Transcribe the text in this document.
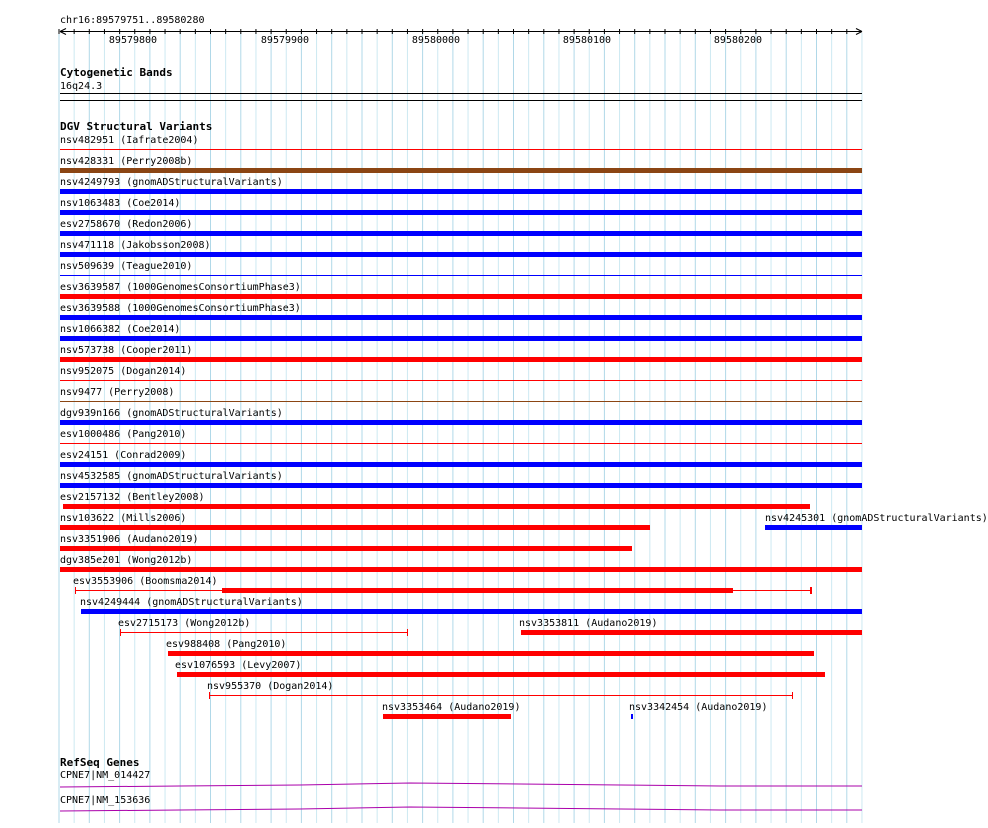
chr16:89579751..89580280
89579800	89579900	89580000	89580100	89580200
Cytogenetic Bands
16q24.3
DGV Structural Variants
nsv482951 (Iafrate2004)
nsv428331 (Perry2008b)
nsv4249793 (gnomADStructuralVariants)
nsv1063483 (Coe2014)
esv2758670 (Redon2006)
nsv471118 (Jakobsson2008)
nsv509639 (Teague2010)
esv3639587 (1000GenomesConsortiumPhase3)
esv3639588 (1000GenomesConsortiumPhase3)
nsv1066382 (Coe2014)
nsv573738 (Cooper2011)
nsv952075 (Dogan2014)
nsv9477 (Perry2008)
dgv939n166 (gnomADStructuralVariants)
esv1000486 (Pang2010)
esv24151 (Conrad2009)
nsv4532585 (gnomADStructuralVariants)
esv2157132 (Bentley2008)
nsv103622 (Mills2006)	nsv4245301 (gnomADStructuralVariants)
nsv3351906 (Audano2019)
dgv385e201 (Wong2012b)
esv3553906 (Boomsma2014)
nsv4249444 (gnomADStructuralVariants)
esv2715173 (Wong2012b)	nsv3353811 (Audano2019)
esv988408 (Pang2010)
esv1076593 (Levy2007)
nsv955370 (Dogan2014)
nsv3353464 (Audano2019)	nsv3342454 (Audano2019)
RefSeq Genes
CPNE7|NM_014427
CPNE7|NM_153636
